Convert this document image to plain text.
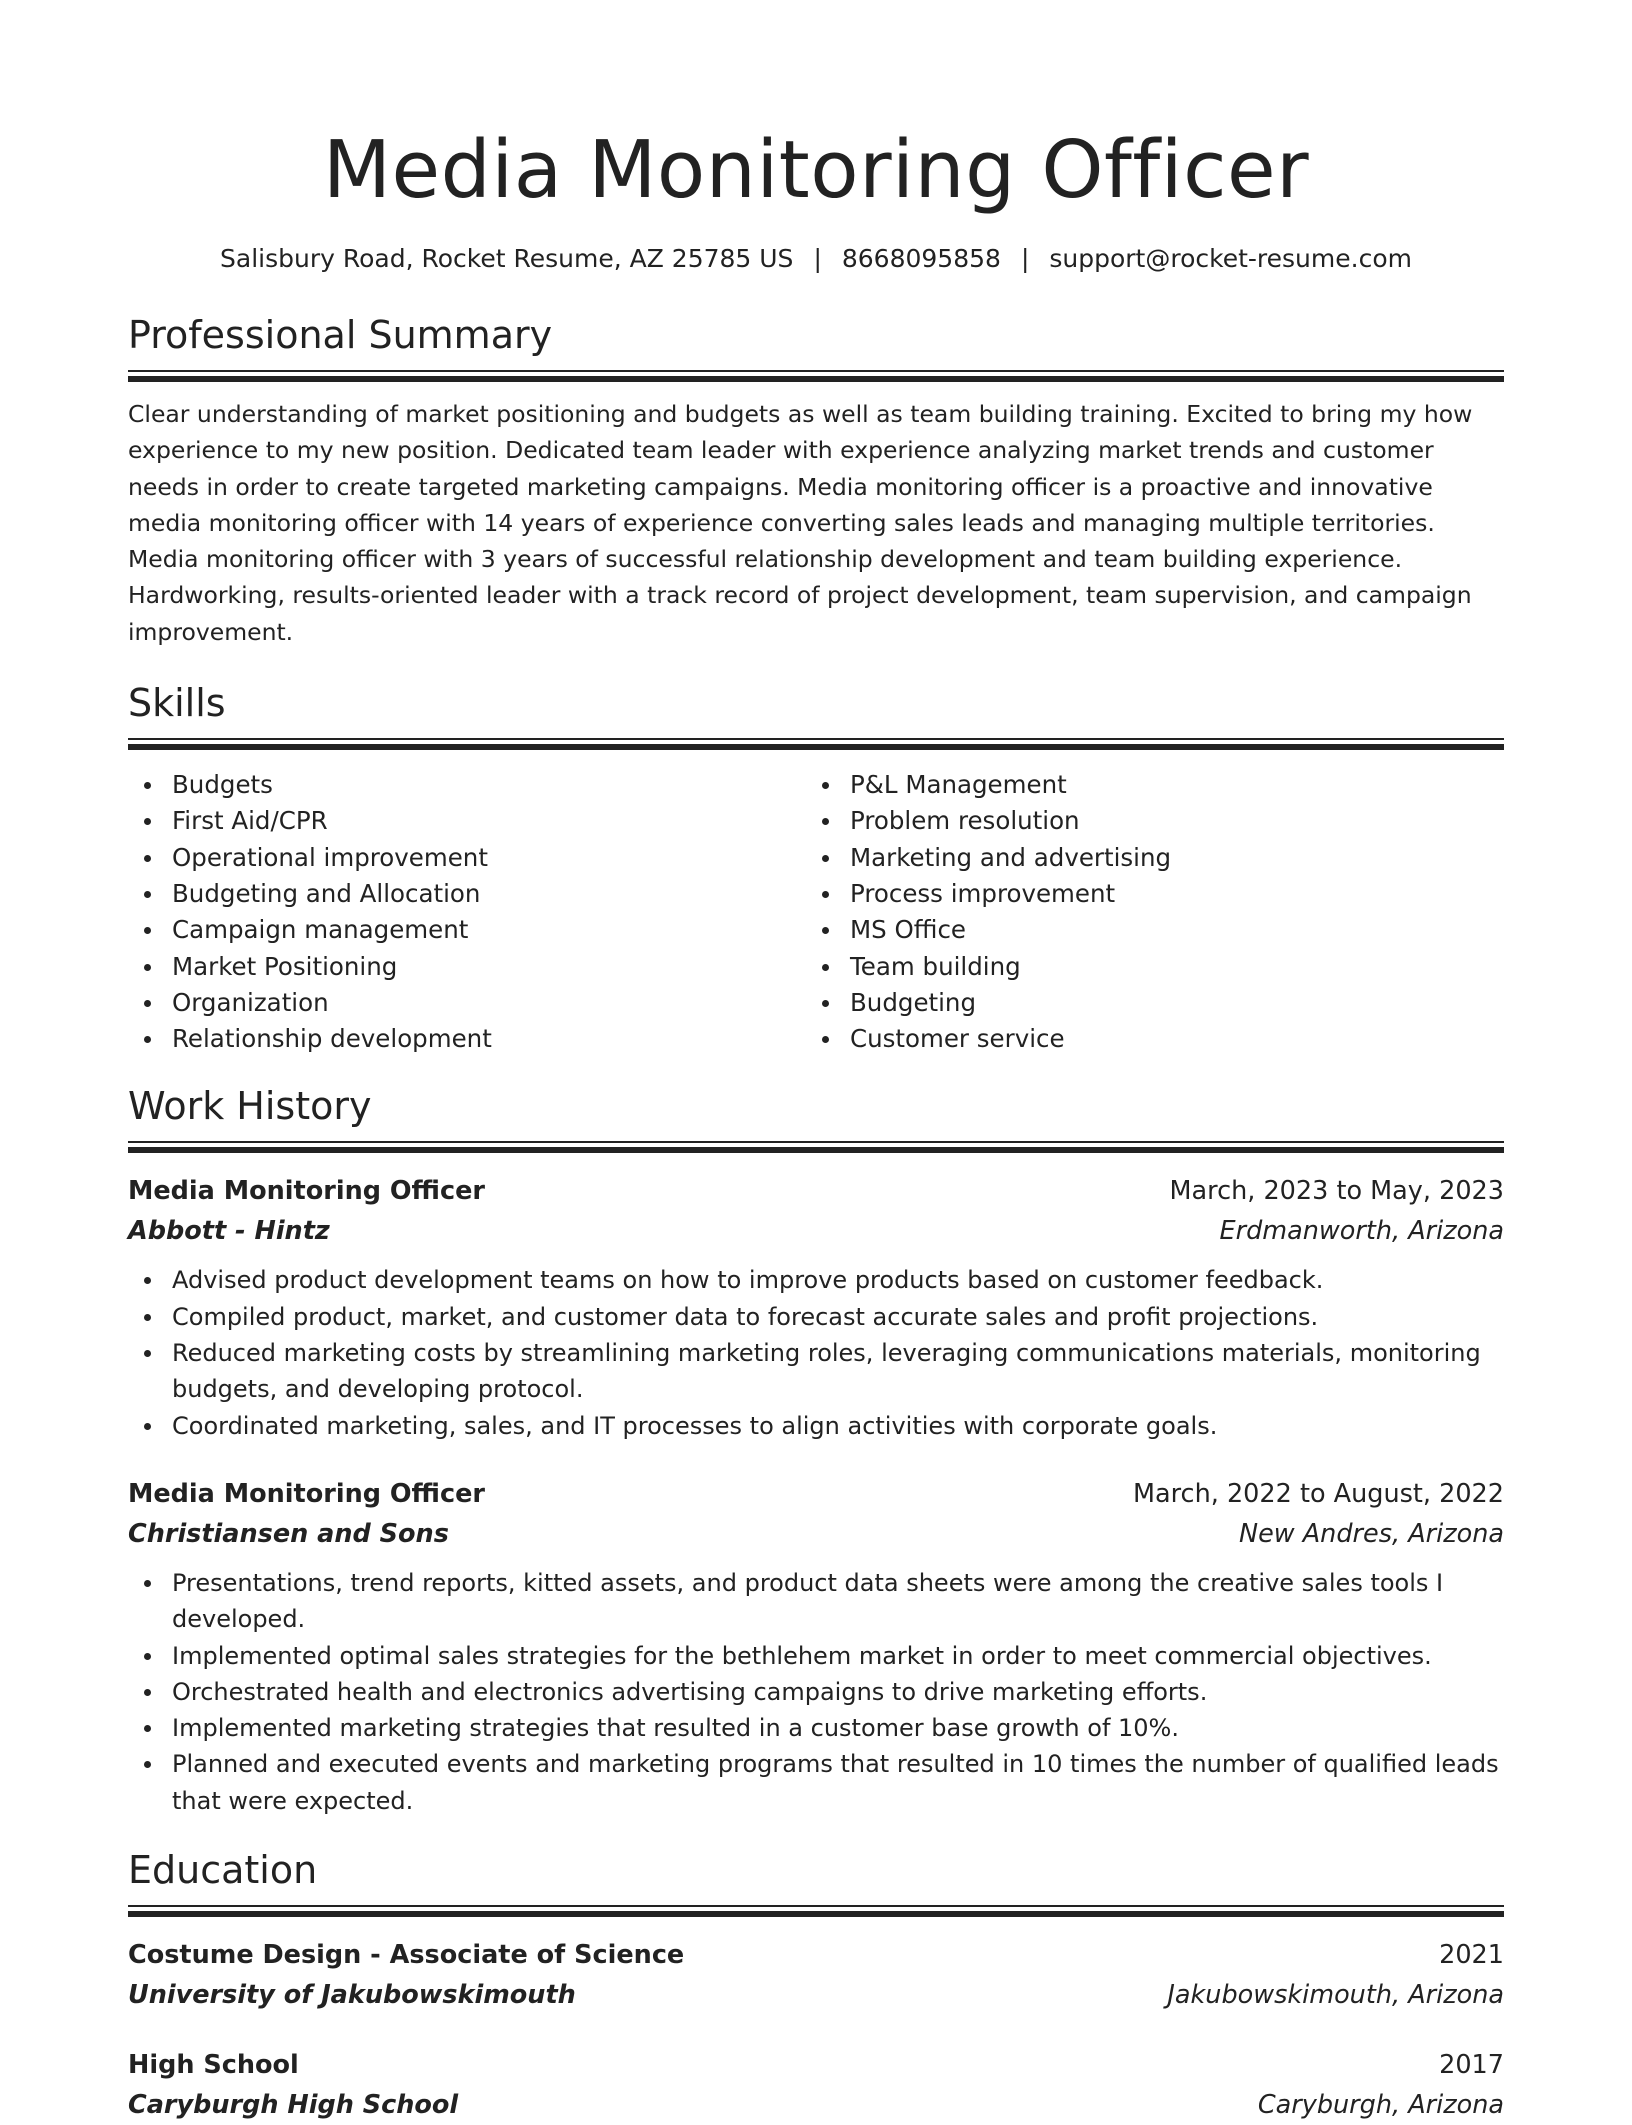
Media Monitoring Officer
Salisbury Road, Rocket Resume, AZ 25785 US | 8668095858 | support@rocket-resume.com
Professional Summary

Clear understanding of market positioning and budgets as well as team building training. Excited to bring my how experience to my new position. Dedicated team leader with experience analyzing market trends and customer needs in order to create targeted marketing campaigns. Media monitoring officer is a proactive and innovative media monitoring officer with 14 years of experience converting sales leads and managing multiple territories. Media monitoring officer with 3 years of successful relationship development and team building experience. Hardworking, results-oriented leader with a track record of project development, team supervision, and campaign improvement.

Skills
Budgets
First Aid/CPR
Operational improvement
Budgeting and Allocation
Campaign management
Market Positioning
Organization
Relationship development
P&L Management
Problem resolution
Marketing and advertising
Process improvement
MS Office
Team building
Budgeting
Customer service
Work History
Media Monitoring Officer	March, 2023 to May, 2023
Abbott - Hintz	Erdmanworth, Arizona
Advised product development teams on how to improve products based on customer feedback.
Compiled product, market, and customer data to forecast accurate sales and profit projections.
Reduced marketing costs by streamlining marketing roles, leveraging communications materials, monitoring budgets, and developing protocol.
Coordinated marketing, sales, and IT processes to align activities with corporate goals.
Media Monitoring Officer	March, 2022 to August, 2022
Christiansen and Sons	New Andres, Arizona
Presentations, trend reports, kitted assets, and product data sheets were among the creative sales tools I developed.
Implemented optimal sales strategies for the bethlehem market in order to meet commercial objectives.
Orchestrated health and electronics advertising campaigns to drive marketing efforts.
Implemented marketing strategies that resulted in a customer base growth of 10%.
Planned and executed events and marketing programs that resulted in 10 times the number of qualified leads that were expected.
Education
Costume Design - Associate of Science	2021
University of Jakubowskimouth	Jakubowskimouth, Arizona
High School	2017
Caryburgh High School	Caryburgh, Arizona
